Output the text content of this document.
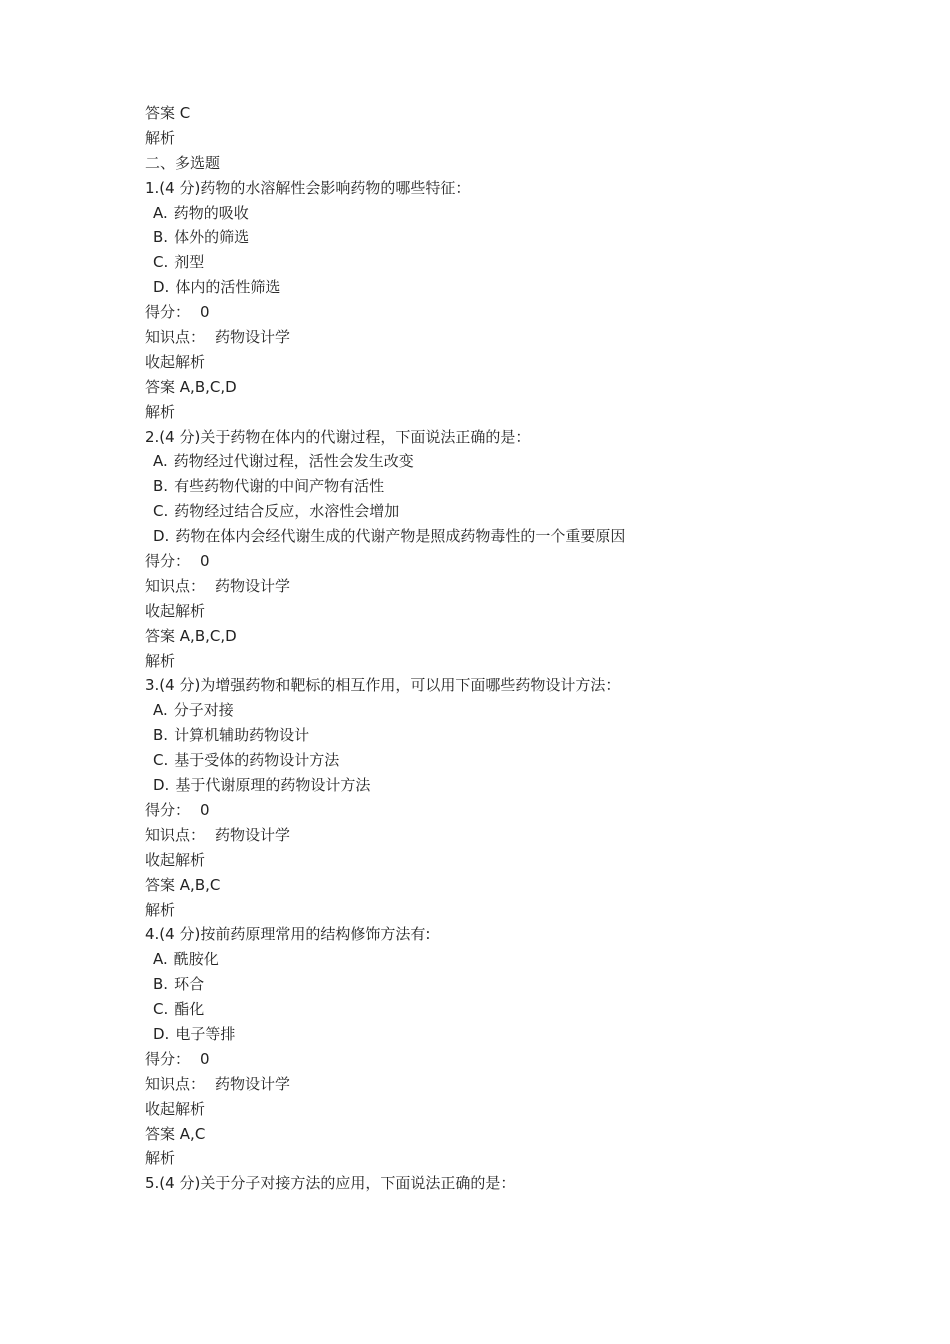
答案 C
解析
二、多选题
1.(4 分)药物的水溶解性会影响药物的哪些特征：
A. 药物的吸收
B. 体外的筛选
C. 剂型
D. 体内的活性筛选
得分： 0
知识点： 药物设计学
收起解析
答案 A,B,C,D
解析
2.(4 分)关于药物在体内的代谢过程，下面说法正确的是：
A. 药物经过代谢过程，活性会发生改变
B. 有些药物代谢的中间产物有活性
C. 药物经过结合反应，水溶性会增加
D. 药物在体内会经代谢生成的代谢产物是照成药物毒性的一个重要原因
得分： 0
知识点： 药物设计学
收起解析
答案 A,B,C,D
解析
3.(4 分)为增强药物和靶标的相互作用，可以用下面哪些药物设计方法：
A. 分子对接
B. 计算机辅助药物设计
C. 基于受体的药物设计方法
D. 基于代谢原理的药物设计方法
得分： 0
知识点： 药物设计学
收起解析
答案 A,B,C
解析
4.(4 分)按前药原理常用的结构修饰方法有:
A. 酰胺化
B. 环合
C. 酯化
D. 电子等排
得分： 0
知识点： 药物设计学
收起解析
答案 A,C
解析
5.(4 分)关于分子对接方法的应用，下面说法正确的是：
